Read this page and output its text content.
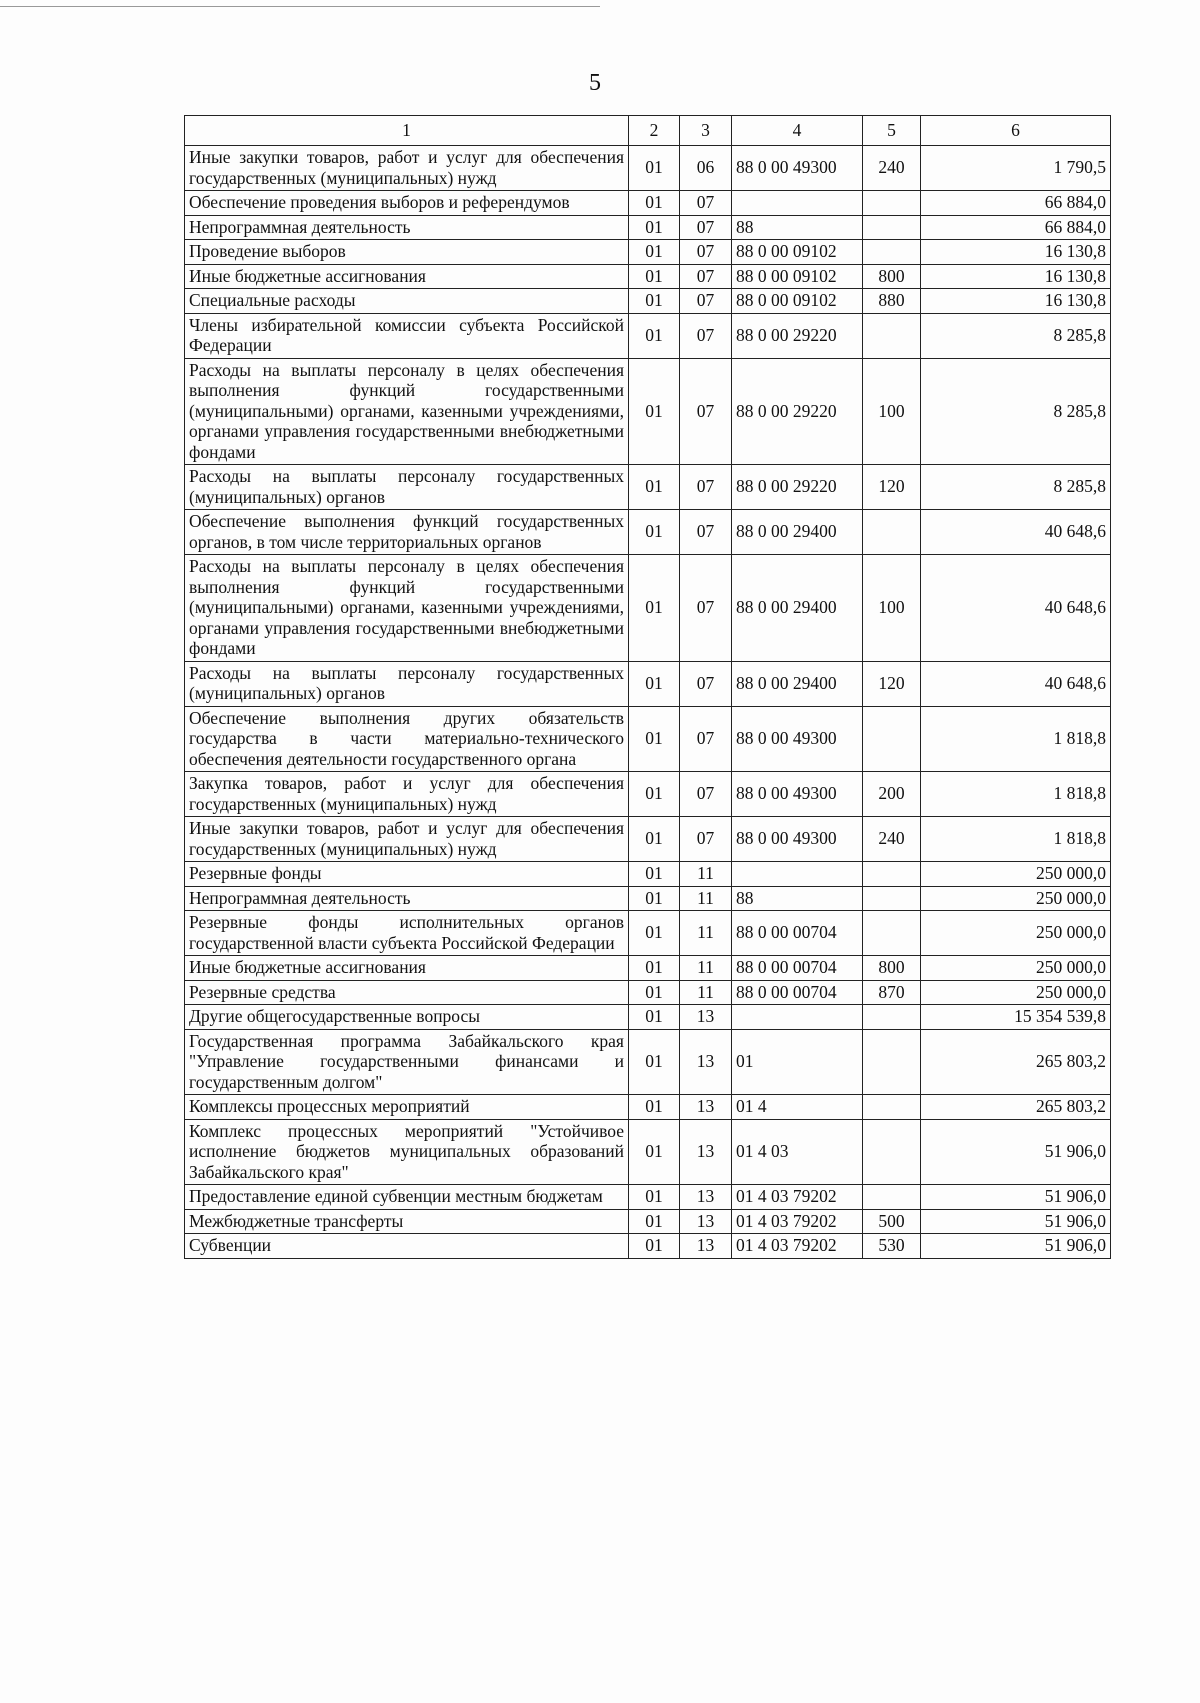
5
1	2	3	4	5	6
Иные закупки товаров, работ и услуг для обеспечения государственных (муниципальных) нужд	01	06	88 0 00 49300	240	1 790,5
Обеспечение проведения выборов и референдумов	01	07			66 884,0
Непрограммная деятельность	01	07	88		66 884,0
Проведение выборов	01	07	88 0 00 09102		16 130,8
Иные бюджетные ассигнования	01	07	88 0 00 09102	800	16 130,8
Специальные расходы	01	07	88 0 00 09102	880	16 130,8
Члены избирательной комиссии субъекта Российской Федерации	01	07	88 0 00 29220		8 285,8
Расходы на выплаты персоналу в целях обеспечения выполнения функций государственными (муниципальными) органами, казенными учреждениями, органами управления государственными внебюджетными фондами	01	07	88 0 00 29220	100	8 285,8
Расходы на выплаты персоналу государственных (муниципальных) органов	01	07	88 0 00 29220	120	8 285,8
Обеспечение выполнения функций государственных органов, в том числе территориальных органов	01	07	88 0 00 29400		40 648,6
Расходы на выплаты персоналу в целях обеспечения выполнения функций государственными (муниципальными) органами, казенными учреждениями, органами управления государственными внебюджетными фондами	01	07	88 0 00 29400	100	40 648,6
Расходы на выплаты персоналу государственных (муниципальных) органов	01	07	88 0 00 29400	120	40 648,6
Обеспечение выполнения других обязательств государства в части материально-технического обеспечения деятельности государственного органа	01	07	88 0 00 49300		1 818,8
Закупка товаров, работ и услуг для обеспечения государственных (муниципальных) нужд	01	07	88 0 00 49300	200	1 818,8
Иные закупки товаров, работ и услуг для обеспечения государственных (муниципальных) нужд	01	07	88 0 00 49300	240	1 818,8
Резервные фонды	01	11			250 000,0
Непрограммная деятельность	01	11	88		250 000,0
Резервные фонды исполнительных органов государственной власти субъекта Российской Федерации	01	11	88 0 00 00704		250 000,0
Иные бюджетные ассигнования	01	11	88 0 00 00704	800	250 000,0
Резервные средства	01	11	88 0 00 00704	870	250 000,0
Другие общегосударственные вопросы	01	13			15 354 539,8
Государственная программа Забайкальского края "Управление государственными финансами и государственным долгом"	01	13	01		265 803,2
Комплексы процессных мероприятий	01	13	01 4		265 803,2
Комплекс процессных мероприятий "Устойчивое исполнение бюджетов муниципальных образований Забайкальского края"	01	13	01 4 03		51 906,0
Предоставление единой субвенции местным бюджетам	01	13	01 4 03 79202		51 906,0
Межбюджетные трансферты	01	13	01 4 03 79202	500	51 906,0
Субвенции	01	13	01 4 03 79202	530	51 906,0
